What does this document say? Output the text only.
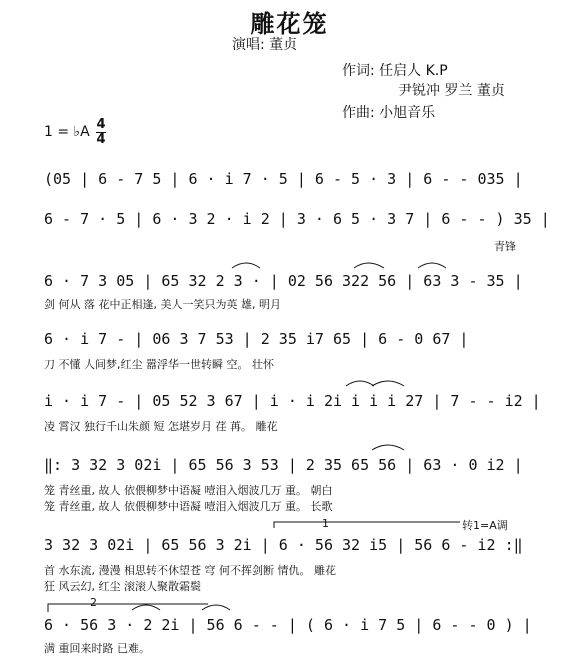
雕花笼
演唱: 董贞
作词: 任启人 K.P
尹锐冲 罗兰 董贞
作曲: 小旭音乐
1 = ♭A 4
4
(05 | 6 - 7 5 | 6 · i 7 · 5 | 6 - 5 · 3 | 6 - - 035 |
6 - 7 · 5 | 6 · 3 2 · i 2 | 3 · 6 5 · 3 7 | 6 - - ) 35 |
青锋
6 · 7 3 05 | 65 32 2 3 · | 02 56 322 56 | 63 3 - 35 |
剑 何从 落 花中正相逢, 美人一笑只为英 雄, 明月
6 · i 7 - | 06 3 7 53 | 2 35 i7 65 | 6 - 0 67 |
刀 不懂 人间梦,红尘 嚣浮华一世转瞬 空。 壮怀
i · i 7 - | 05 52 3 67 | i · i 2i i i i 27 | 7 - - i2 |
凌 霄汉 独行千山朱颜 短 怎堪岁月 荏 苒。 雕花
‖: 3 32 3 02i | 65 56 3 53 | 2 35 65 56 | 63 · 0 i2 |
笼 青丝重, 故人 依偎柳梦中语凝 噎泪入烟波几万 重。 朝白
笼 青丝重, 故人 依偎柳梦中语凝 噎泪入烟波几万 重。 长歌
1	转1=A调
3 32 3 02i | 65 56 3 2i | 6 · 56 32 i5 | 56 6 - i2 :‖
首 水东流, 漫漫 相思转不休望苍 穹 何不挥剑断 情仇。 雕花
狂 风云幻, 红尘 滚滚人聚散霜鬓
2
6 · 56 3 · 2 2i | 56 6 - - | ( 6 · i 7 5 | 6 - - 0 ) |
满 重回来时路 已难。
